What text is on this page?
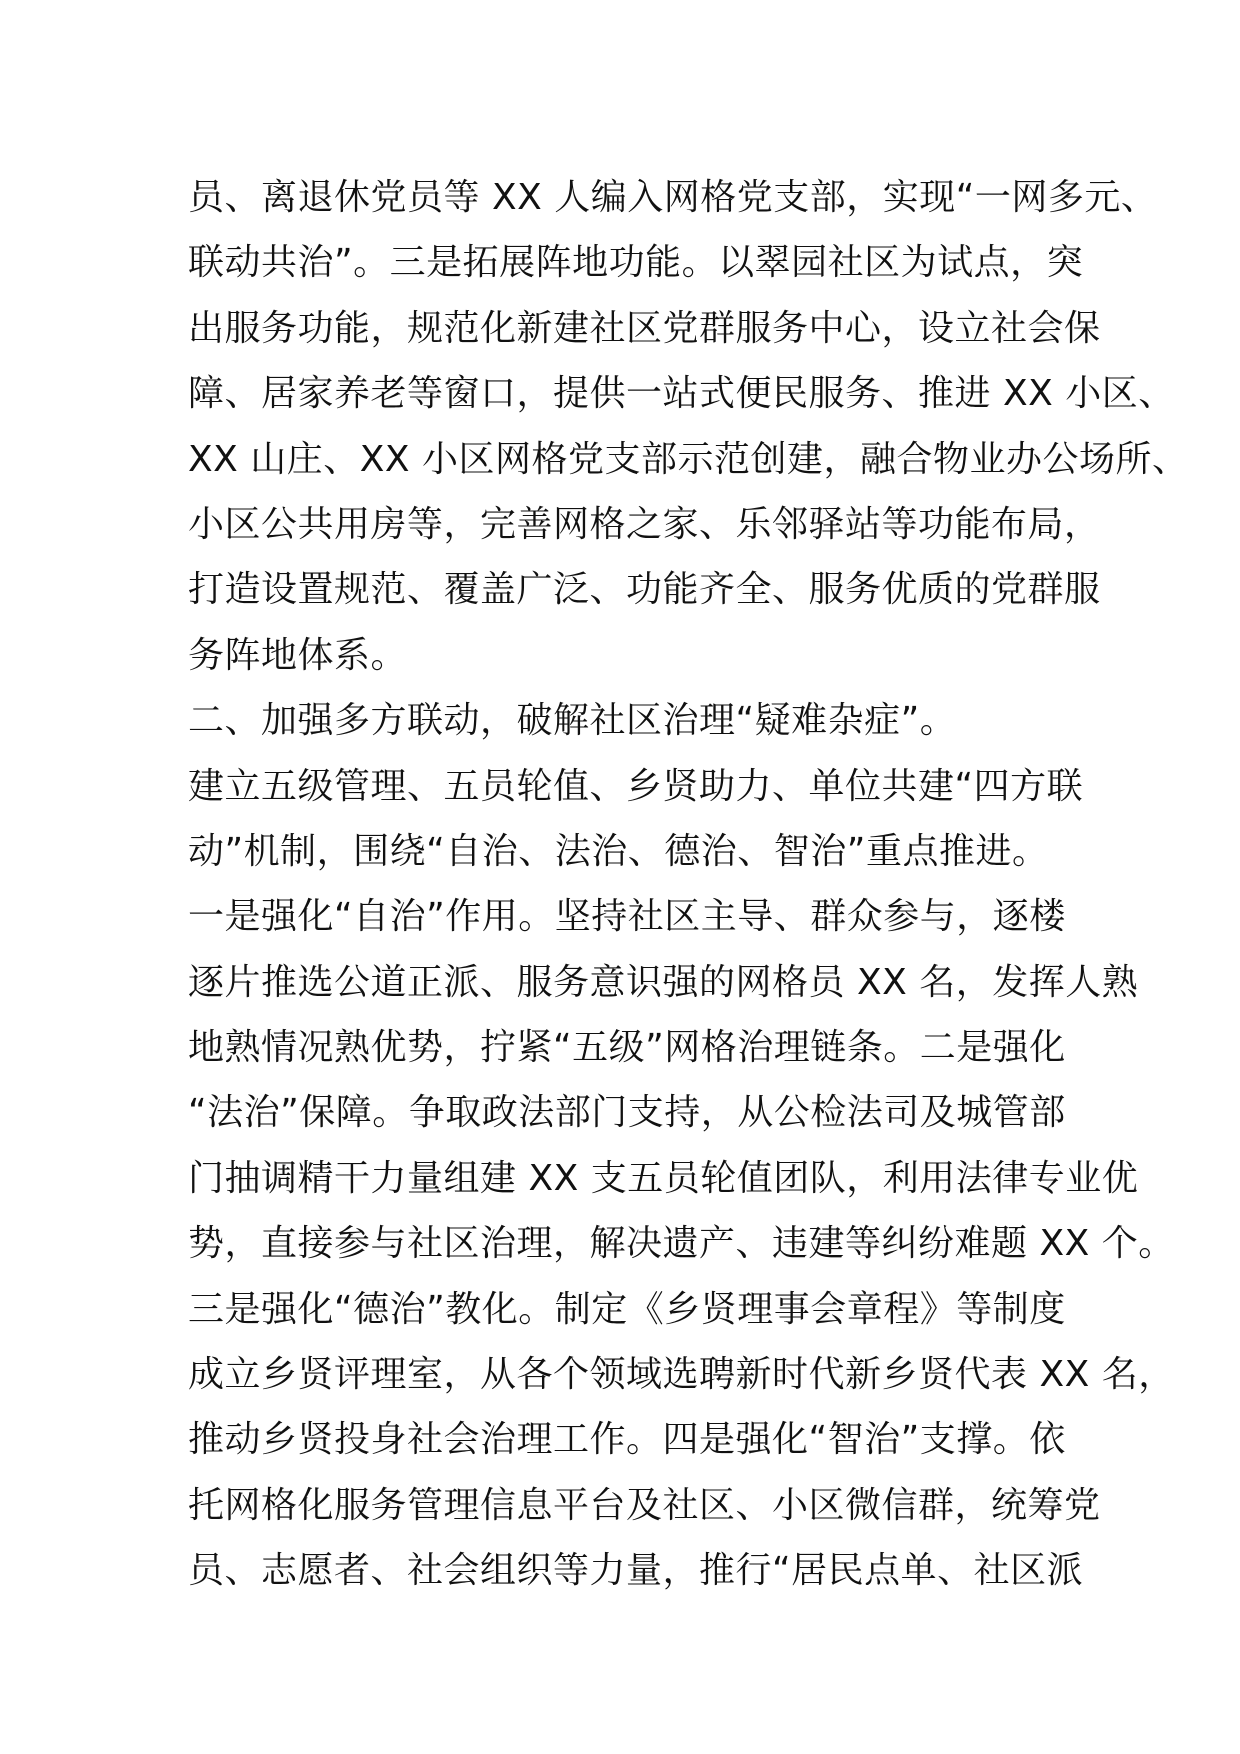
员、离退休党员等 XX 人编入网格党支部，实现“一网多元、
联动共治”。三是拓展阵地功能。以翠园社区为试点，突
出服务功能，规范化新建社区党群服务中心，设立社会保
障、居家养老等窗口，提供一站式便民服务、推进 XX 小区、
XX 山庄、XX 小区网格党支部示范创建，融合物业办公场所、
小区公共用房等，完善网格之家、乐邻驿站等功能布局，
打造设置规范、覆盖广泛、功能齐全、服务优质的党群服
务阵地体系。
二、加强多方联动，破解社区治理“疑难杂症”。
建立五级管理、五员轮值、乡贤助力、单位共建“四方联
动”机制，围绕“自治、法治、德治、智治”重点推进。
一是强化“自治”作用。坚持社区主导、群众参与，逐楼
逐片推选公道正派、服务意识强的网格员 XX 名，发挥人熟
地熟情况熟优势，拧紧“五级”网格治理链条。二是强化
“法治”保障。争取政法部门支持，从公检法司及城管部
门抽调精干力量组建 XX 支五员轮值团队，利用法律专业优
势，直接参与社区治理，解决遗产、违建等纠纷难题 XX 个。
三是强化“德治”教化。制定《乡贤理事会章程》等制度
成立乡贤评理室，从各个领域选聘新时代新乡贤代表 XX 名，
推动乡贤投身社会治理工作。四是强化“智治”支撑。依
托网格化服务管理信息平台及社区、小区微信群，统筹党
员、志愿者、社会组织等力量，推行“居民点单、社区派
